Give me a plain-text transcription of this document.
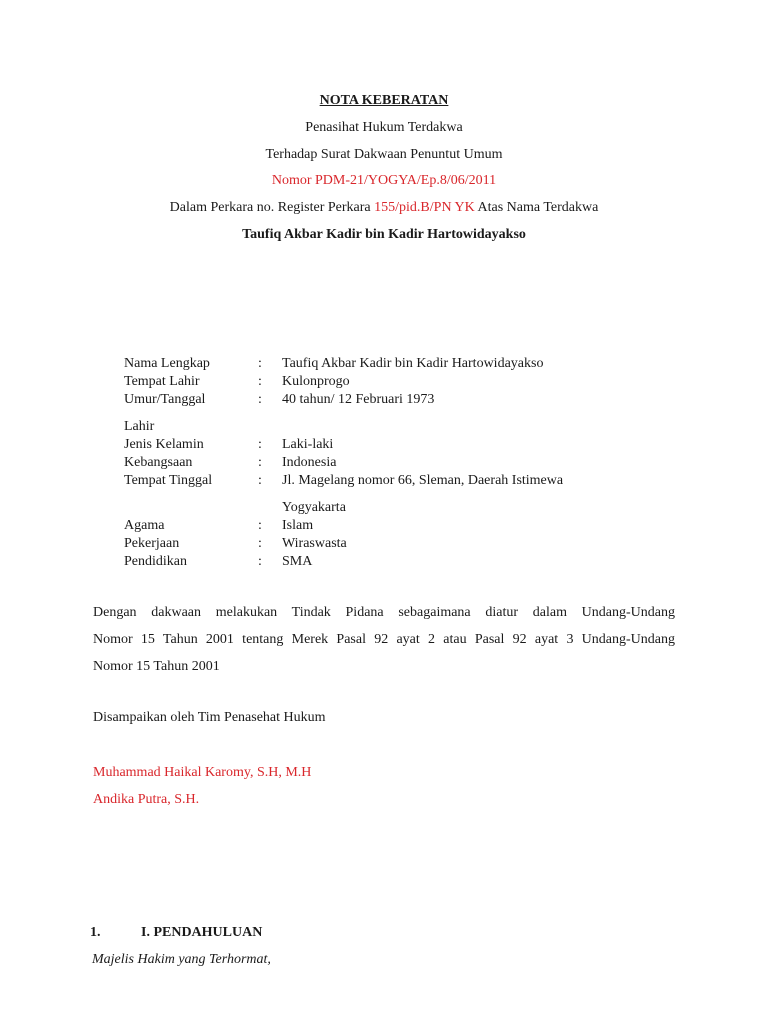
NOTA KEBERATAN
Penasihat Hukum Terdakwa
Terhadap Surat Dakwaan Penuntut Umum
Nomor PDM-21/YOGYA/Ep.8/06/2011
Dalam Perkara no. Register Perkara 155/pid.B/PN YK Atas Nama Terdakwa
Taufiq Akbar Kadir bin Kadir Hartowidayakso
Nama Lengkap	: Taufiq Akbar Kadir bin Kadir Hartowidayakso
Tempat Lahir	: Kulonprogo
Umur/Tanggal	: 40 tahun/ 12 Februari 1973
Lahir
Jenis Kelamin	: Laki-laki
Kebangsaan	: Indonesia
Tempat Tinggal	: Jl. Magelang nomor 66, Sleman, Daerah Istimewa
Yogyakarta
Agama	: Islam
Pekerjaan	: Wiraswasta
Pendidikan	: SMA
Dengan dakwaan melakukan Tindak Pidana sebagaimana diatur dalam Undang-Undang
Nomor 15 Tahun 2001 tentang Merek Pasal 92 ayat 2 atau Pasal 92 ayat 3 Undang-Undang
Nomor 15 Tahun 2001
Disampaikan oleh Tim Penasehat Hukum
Muhammad Haikal Karomy, S.H, M.H
Andika Putra, S.H.
1.	I. PENDAHULUAN
Majelis Hakim yang Terhormat,
